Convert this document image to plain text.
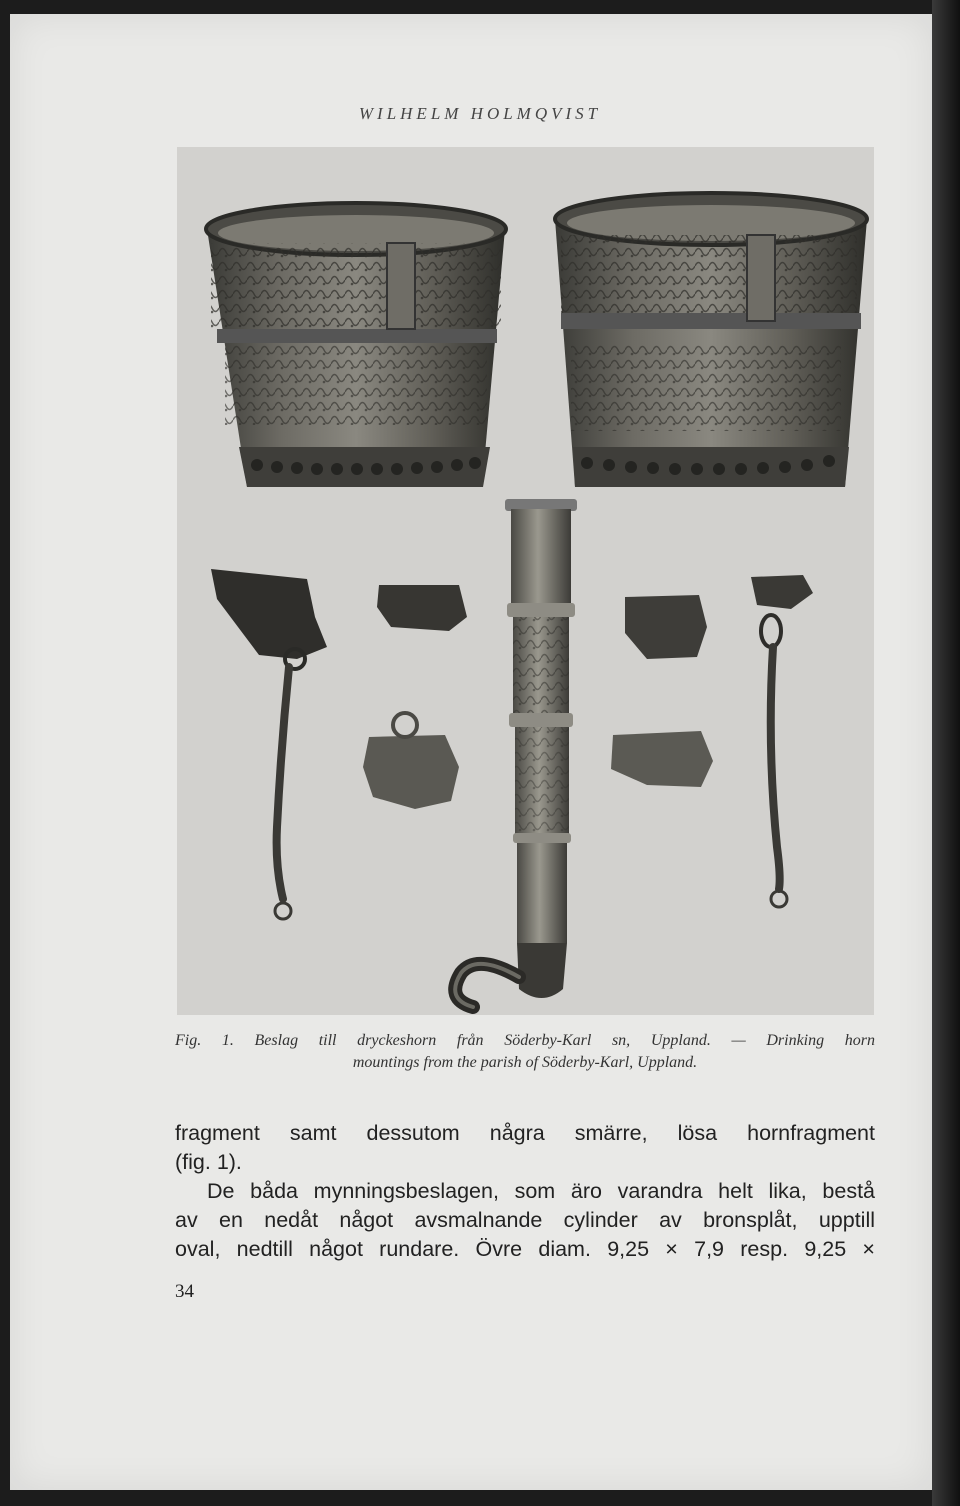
WILHELM HOLMQVIST
Fig. 1. Beslag till dryckeshorn från Söderby-Karl sn, Uppland. — Drinking horn
mountings from the parish of Söderby-Karl, Uppland.

fragment samt dessutom några smärre, lösa hornfragment

(fig. 1).

De båda mynningsbeslagen, som äro varandra helt lika, bestå

av en nedåt något avsmalnande cylinder av bronsplåt, upptill

oval, nedtill något rundare. Övre diam. 9,25 × 7,9 resp. 9,25 ×

34
